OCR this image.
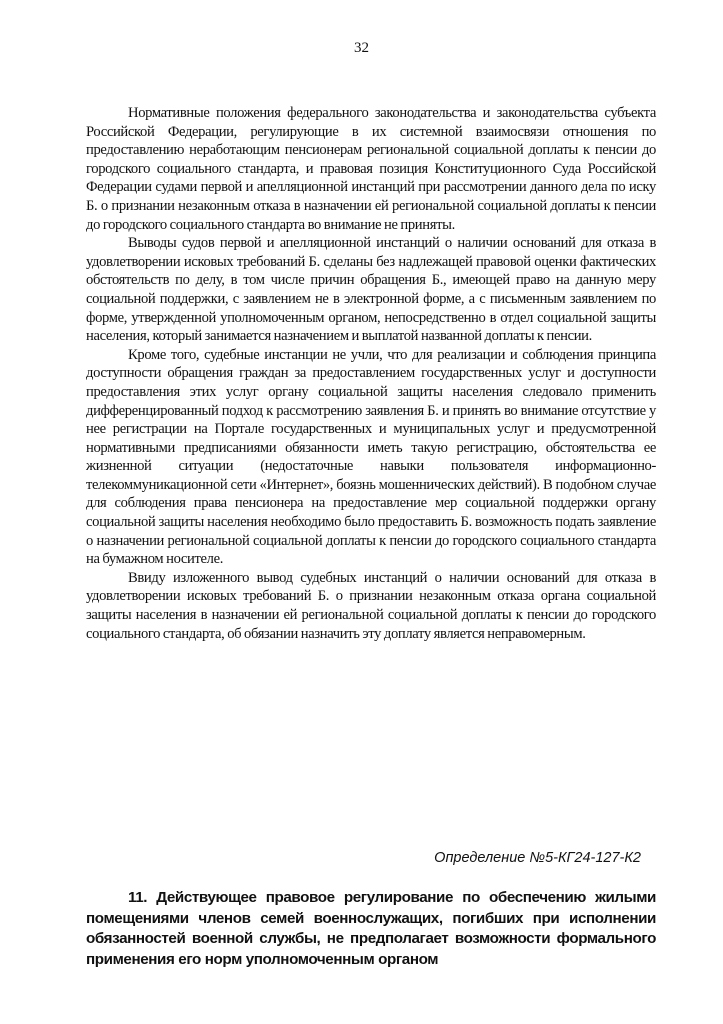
32

Нормативные положения федерального законодательства и законодательства субъекта Российской Федерации, регулирующие в их системной взаимосвязи отношения по предоставлению неработающим пенсионерам региональной социальной доплаты к пенсии до городского социального стандарта, и правовая позиция Конституционного Суда Российской Федерации судами первой и апелляционной инстанций при рассмотрении данного дела по иску Б. о признании незаконным отказа в назначении ей региональной социальной доплаты к пенсии до городского социального стандарта во внимание не приняты.

Выводы судов первой и апелляционной инстанций о наличии оснований для отказа в удовлетворении исковых требований Б. сделаны без надлежащей правовой оценки фактических обстоятельств по делу, в том числе причин обращения Б., имеющей право на данную меру социальной поддержки, с заявлением не в электронной форме, а с письменным заявлением по форме, утвержденной уполномоченным органом, непосредственно в отдел социальной защиты населения, который занимается назначением и выплатой названной доплаты к пенсии.

Кроме того, судебные инстанции не учли, что для реализации и соблюдения принципа доступности обращения граждан за предоставлением государственных услуг и доступности предоставления этих услуг органу социальной защиты населения следовало применить дифференцированный подход к рассмотрению заявления Б. и принять во внимание отсутствие у нее регистрации на Портале государственных и муниципальных услуг и предусмотренной нормативными предписаниями обязанности иметь такую регистрацию, обстоятельства ее жизненной ситуации (недостаточные навыки пользователя информационно-телекоммуникационной сети «Интернет», боязнь мошеннических действий). В подобном случае для соблюдения права пенсионера на предоставление мер социальной поддержки органу социальной защиты населения необходимо было предоставить Б. возможность подать заявление о назначении региональной социальной доплаты к пенсии до городского социального стандарта на бумажном носителе.

Ввиду изложенного вывод судебных инстанций о наличии оснований для отказа в удовлетворении исковых требований Б. о признании незаконным отказа органа социальной защиты населения в назначении ей региональной социальной доплаты к пенсии до городского социального стандарта, об обязании назначить эту доплату является неправомерным.

Определение №5-КГ24-127-К2

11. Действующее правовое регулирование по обеспечению жилыми помещениями членов семей военнослужащих, погибших при исполнении обязанностей военной службы, не предполагает возможности формального применения его норм уполномоченным органом
